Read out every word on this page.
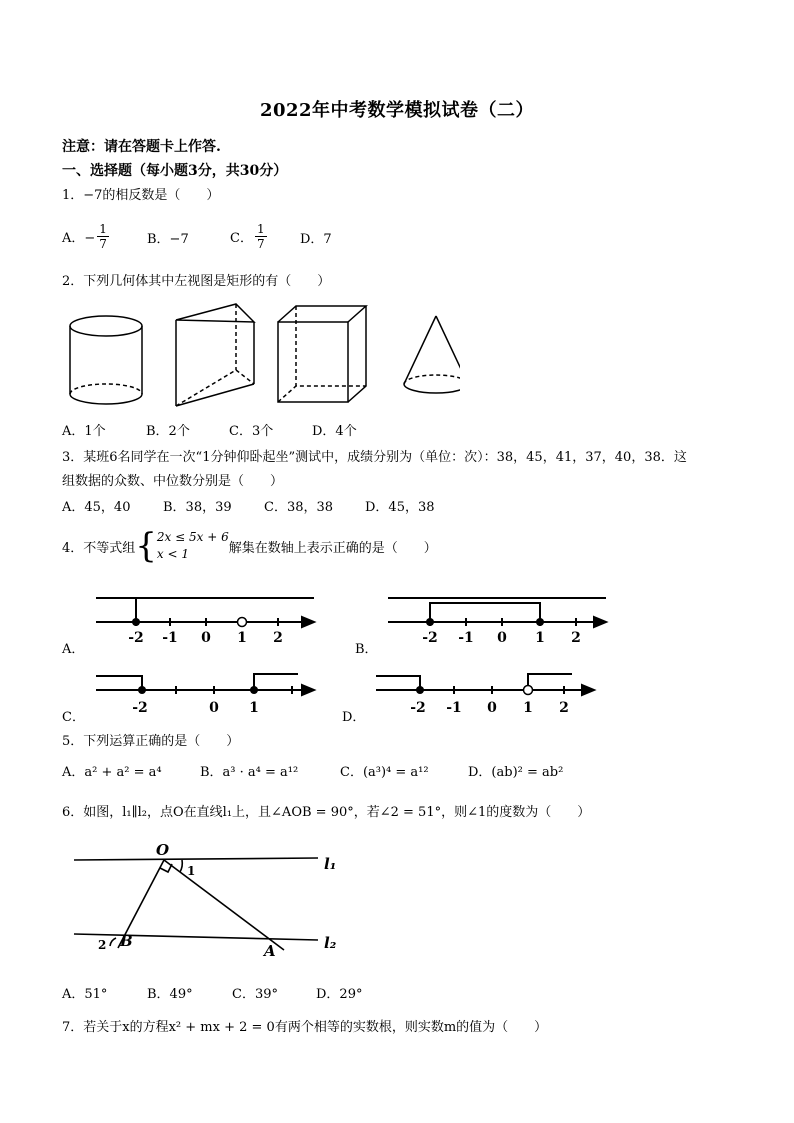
2022年中考数学模拟试卷（二）
注意：请在答题卡上作答.
一、选择题（每小题3分，共30分）
1．−7的相反数是（　　）
A．− $\frac{1}{7}$	B．−7	C． $\frac{1}{7}$	D．7
2．下列几何体其中左视图是矩形的有（　　）
A．1个	B．2个	C．3个	D．4个
3．某班6名同学在一次“1分钟仰卧起坐”测试中，成绩分别为（单位：次）：38，45，41，37，40，38．这
组数据的众数、中位数分别是（　　）
A．45，40	B．38，39 C．38，38 D．45，38
4．不等式组 { 2x ≤ 5x + 6
x < 1	解集在数轴上表示正确的是（　　）
A．
-2 -1 0 1 2
B．
-2 -1 0 1 2
C．
-2	0 1
D．
-2 -1 0 1 2
5．下列运算正确的是（　　）
A．a² + a² = a⁴	B．a³ · a⁴ = a¹²	C．(a³)⁴ = a¹²	D．(ab)² = ab²
6．如图，l₁∥l₂，点O在直线l₁上，且∠AOB = 90°，若∠2 = 51°，则∠1的度数为（　　）
O
1	l₁
2 B
A	l₂
A．51°	B．49°	C．39°	D．29°
7．若关于x的方程x² + mx + 2 = 0有两个相等的实数根，则实数m的值为（　　）
